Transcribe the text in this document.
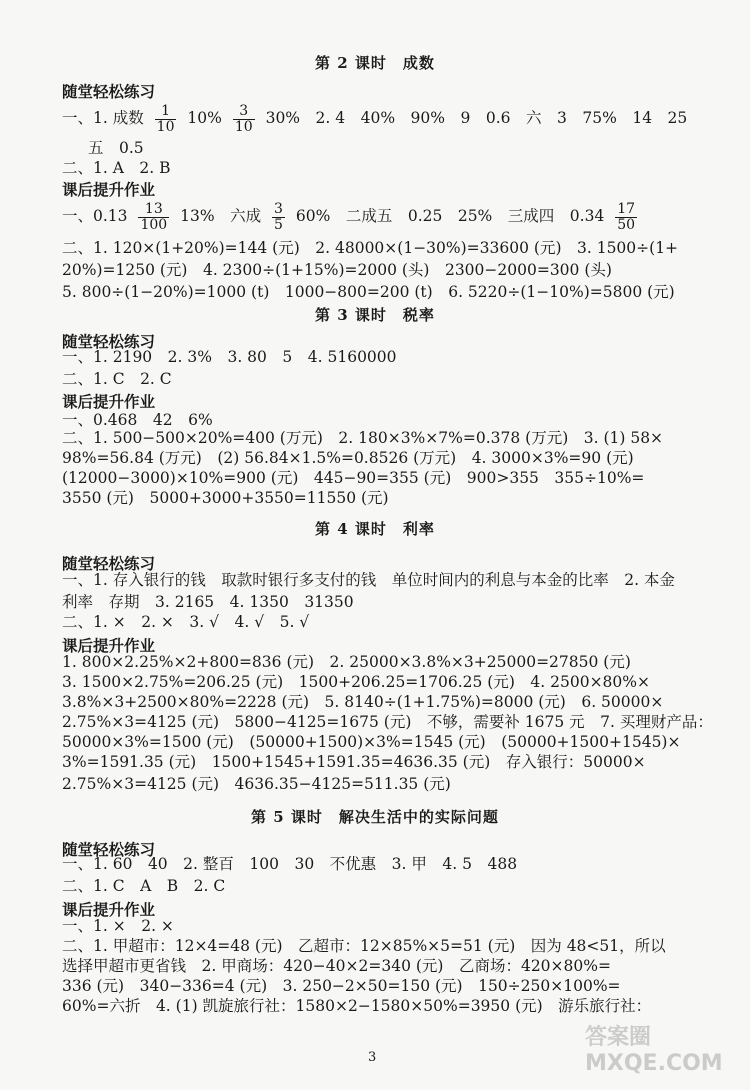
第 2 课时　成数
随堂轻松练习
一、1. 成数 $\frac{1}{10} 10\% \frac{3}{10} 30\%$　2. 4　40%　90%　9　0.6　六　3　75%　14　25
五　0.5
二、1. A　2. B
课后提升作业
一、$0.13 \frac{13}{100} 13\%$　六成 $\frac{3}{5} 60\%$　二成五　0.25　25%　三成四　$0.34 \frac{17}{50}$
二、1. 120×(1+20%)=144 (元)　2. 48000×(1−30%)=33600 (元)　3. 1500÷(1+
20%)=1250 (元)　4. 2300÷(1+15%)=2000 (头)　2300−2000=300 (头)
5. 800÷(1−20%)=1000 (t)　1000−800=200 (t)　6. 5220÷(1−10%)=5800 (元)
第 3 课时　税率
随堂轻松练习
一、1. 2190　2. 3%　3. 80　5　4. 5160000
二、1. C　2. C
课后提升作业
一、0.468　42　6%
二、1. 500−500×20%=400 (万元)　2. 180×3%×7%=0.378 (万元)　3. (1) 58×
98%=56.84 (万元)　(2) 56.84×1.5%=0.8526 (万元)　4. 3000×3%=90 (元)
(12000−3000)×10%=900 (元)　445−90=355 (元)　900>355　355÷10%=
3550 (元)　5000+3000+3550=11550 (元)
第 4 课时　利率
随堂轻松练习
一、1. 存入银行的钱　取款时银行多支付的钱　单位时间内的利息与本金的比率　2. 本金
利率　存期　3. 2165　4. 1350　31350
二、1. ×　2. ×　3. √　4. √　5. √
课后提升作业
1. 800×2.25%×2+800=836 (元)　2. 25000×3.8%×3+25000=27850 (元)
3. 1500×2.75%=206.25 (元)　1500+206.25=1706.25 (元)　4. 2500×80%×
3.8%×3+2500×80%=2228 (元)　5. 8140÷(1+1.75%)=8000 (元)　6. 50000×
2.75%×3=4125 (元)　5800−4125=1675 (元)　不够，需要补 1675 元　7. 买理财产品：
50000×3%=1500 (元)　(50000+1500)×3%=1545 (元)　(50000+1500+1545)×
3%=1591.35 (元)　1500+1545+1591.35=4636.35 (元)　存入银行：50000×
2.75%×3=4125 (元)　4636.35−4125=511.35 (元)
第 5 课时　解决生活中的实际问题
随堂轻松练习
一、1. 60　40　2. 整百　100　30　不优惠　3. 甲　4. 5　488
二、1. C　A　B　2. C
课后提升作业
一、1. ×　2. ×
二、1. 甲超市：12×4=48 (元)　乙超市：12×85%×5=51 (元)　因为 48<51，所以
选择甲超市更省钱　2. 甲商场：420−40×2=340 (元)　乙商场：420×80%=
336 (元)　340−336=4 (元)　3. 250−2×50=150 (元)　150÷250×100%=
60%=六折　4. (1) 凯旋旅行社：1580×2−1580×50%=3950 (元)　游乐旅行社：
3
答案圈 MXQE.COM
